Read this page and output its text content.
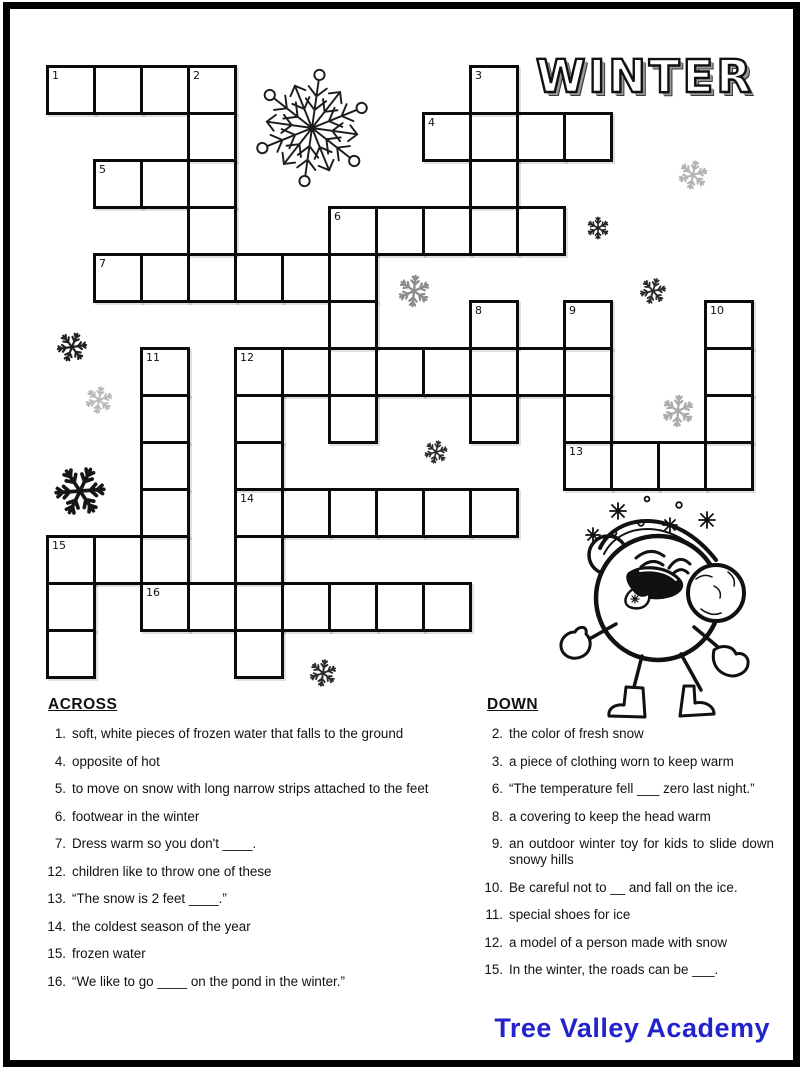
1
4
5
6
7
12
13
14
15
16
2	3
8	9	10
11
WINTER
ACROSS
1. soft, white pieces of frozen water that falls to the ground
4. opposite of hot
5. to move on snow with long narrow strips attached to the feet
6. footwear in the winter
7. Dress warm so you don't ____.
12. children like to throw one of these
13. “The snow is 2 feet ____.”
14. the coldest season of the year
15. frozen water
16. “We like to go ____ on the pond in the winter.”
DOWN
2. the color of fresh snow
3. a piece of clothing worn to keep warm
6. “The temperature fell ___ zero last night.”
8. a covering to keep the head warm
9. an outdoor winter toy for kids to slide down snowy hills
10. Be careful not to __ and fall on the ice.
11. special shoes for ice
12. a model of a person made with snow
15. In the winter, the roads can be ___.
Tree Valley Academy
